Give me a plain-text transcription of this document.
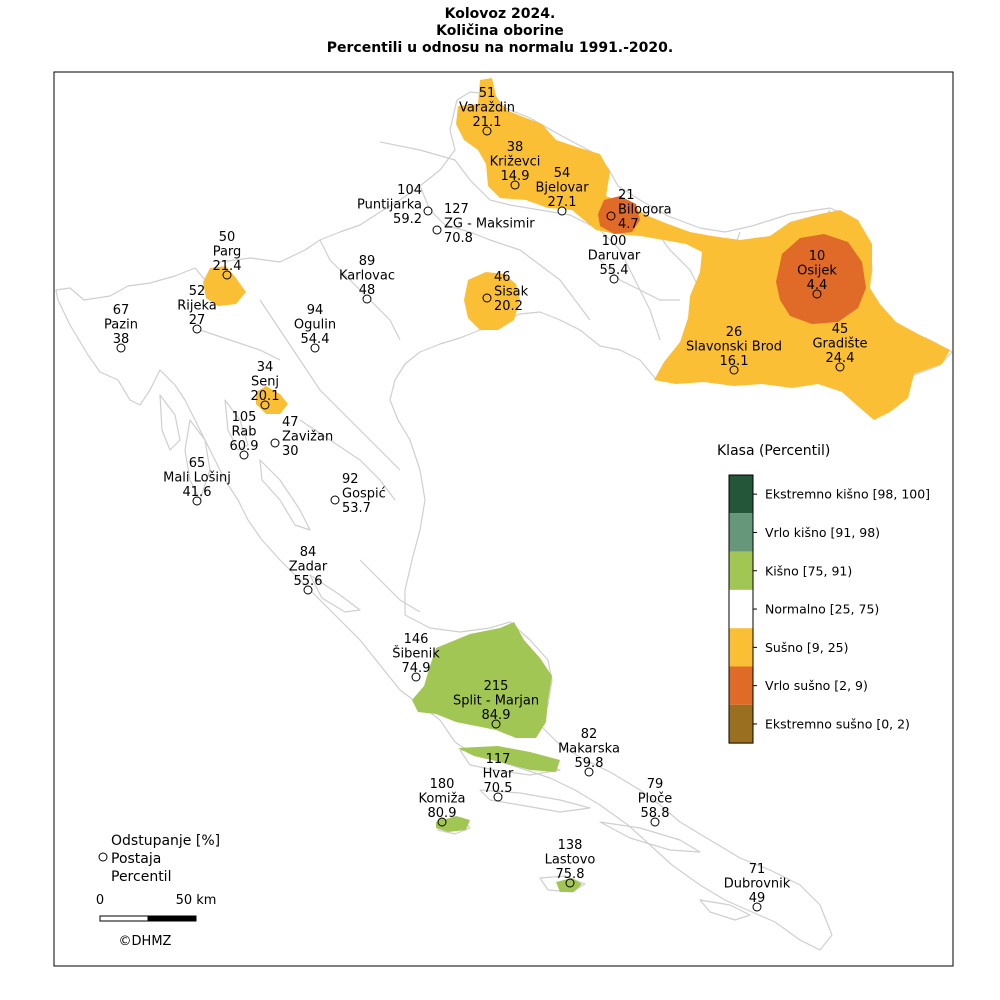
Kolovoz 2024.
Količina oborine
Percentili u odnosu na normalu 1991.-2020.
51
Varaždin
21.1
38
Križevci
14.9 54
Bjelovar
27.1	21
Bilogora
4.7
104
Puntijarka
59.2
127
ZG - Maksimir
70.8
89
Karlovac
48
50
Parg
21.4
52
Rijeka
27
67
Pazin
38
94
Ogulin
54.4
46
Sisak
20.2
100
Daruvar
55.4
10
Osijek
4.4
26
Slavonski Brod
16.1
45
Gradište
24.4
34
Senj
20.1
105
Rab
60.9
47
Zavižan
30
65
Mali Lošinj
41.6
92
Gospić
53.7
84
Zadar
55.6
146
Šibenik
74.9
215
Split - Marjan
84.9
82
Makarska
59.8
117
Hvar
70.5
180
Komiža
80.9
79
Ploče
58.8
138
Lastovo
75.8	71
Dubrovnik
49
Klasa (Percentil)
Ekstremno kišno [98, 100]
Vrlo kišno [91, 98)
Kišno [75, 91)
Normalno [25, 75)
Sušno [9, 25)
Vrlo sušno [2, 9)
Ekstremno sušno [0, 2)
Odstupanje [%]
Postaja
Percentil
0	50 km
©DHMZ
